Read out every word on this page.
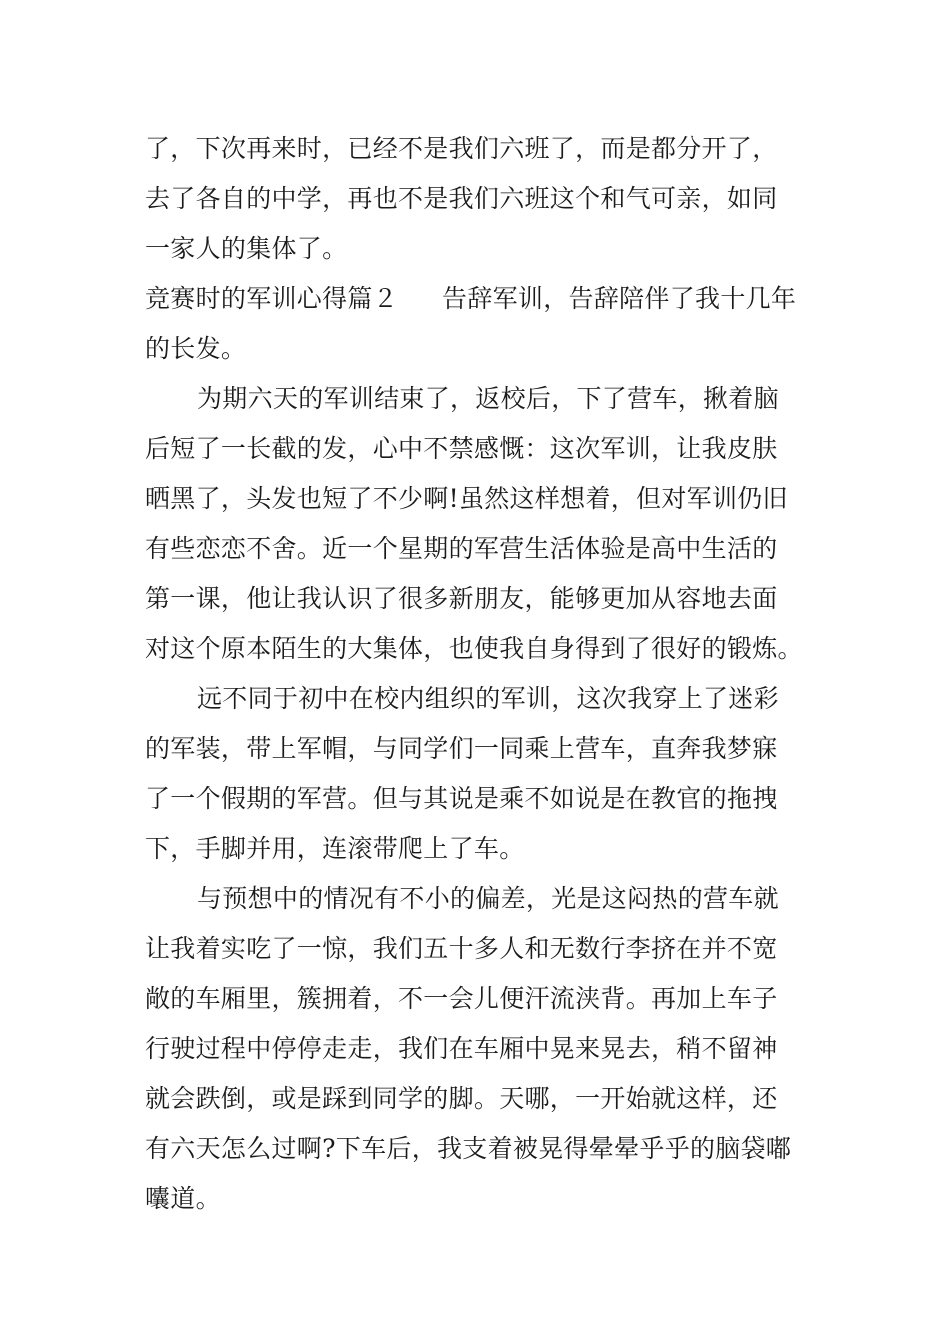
了，下次再来时，已经不是我们六班了，而是都分开了，
去了各自的中学，再也不是我们六班这个和气可亲，如同
一家人的集体了。
竞赛时的军训心得篇２ 告辞军训，告辞陪伴了我十几年
的长发。
为期六天的军训结束了，返校后，下了营车，揪着脑
后短了一长截的发，心中不禁感慨：这次军训，让我皮肤
晒黑了，头发也短了不少啊!虽然这样想着，但对军训仍旧
有些恋恋不舍。近一个星期的军营生活体验是高中生活的
第一课，他让我认识了很多新朋友，能够更加从容地去面
对这个原本陌生的大集体，也使我自身得到了很好的锻炼。
远不同于初中在校内组织的军训，这次我穿上了迷彩
的军装，带上军帽，与同学们一同乘上营车，直奔我梦寐
了一个假期的军营。但与其说是乘不如说是在教官的拖拽
下，手脚并用，连滚带爬上了车。
与预想中的情况有不小的偏差，光是这闷热的营车就
让我着实吃了一惊，我们五十多人和无数行李挤在并不宽
敞的车厢里，簇拥着，不一会儿便汗流浃背。再加上车子
行驶过程中停停走走，我们在车厢中晃来晃去，稍不留神
就会跌倒，或是踩到同学的脚。天哪，一开始就这样，还
有六天怎么过啊?下车后，我支着被晃得晕晕乎乎的脑袋嘟
囔道。
